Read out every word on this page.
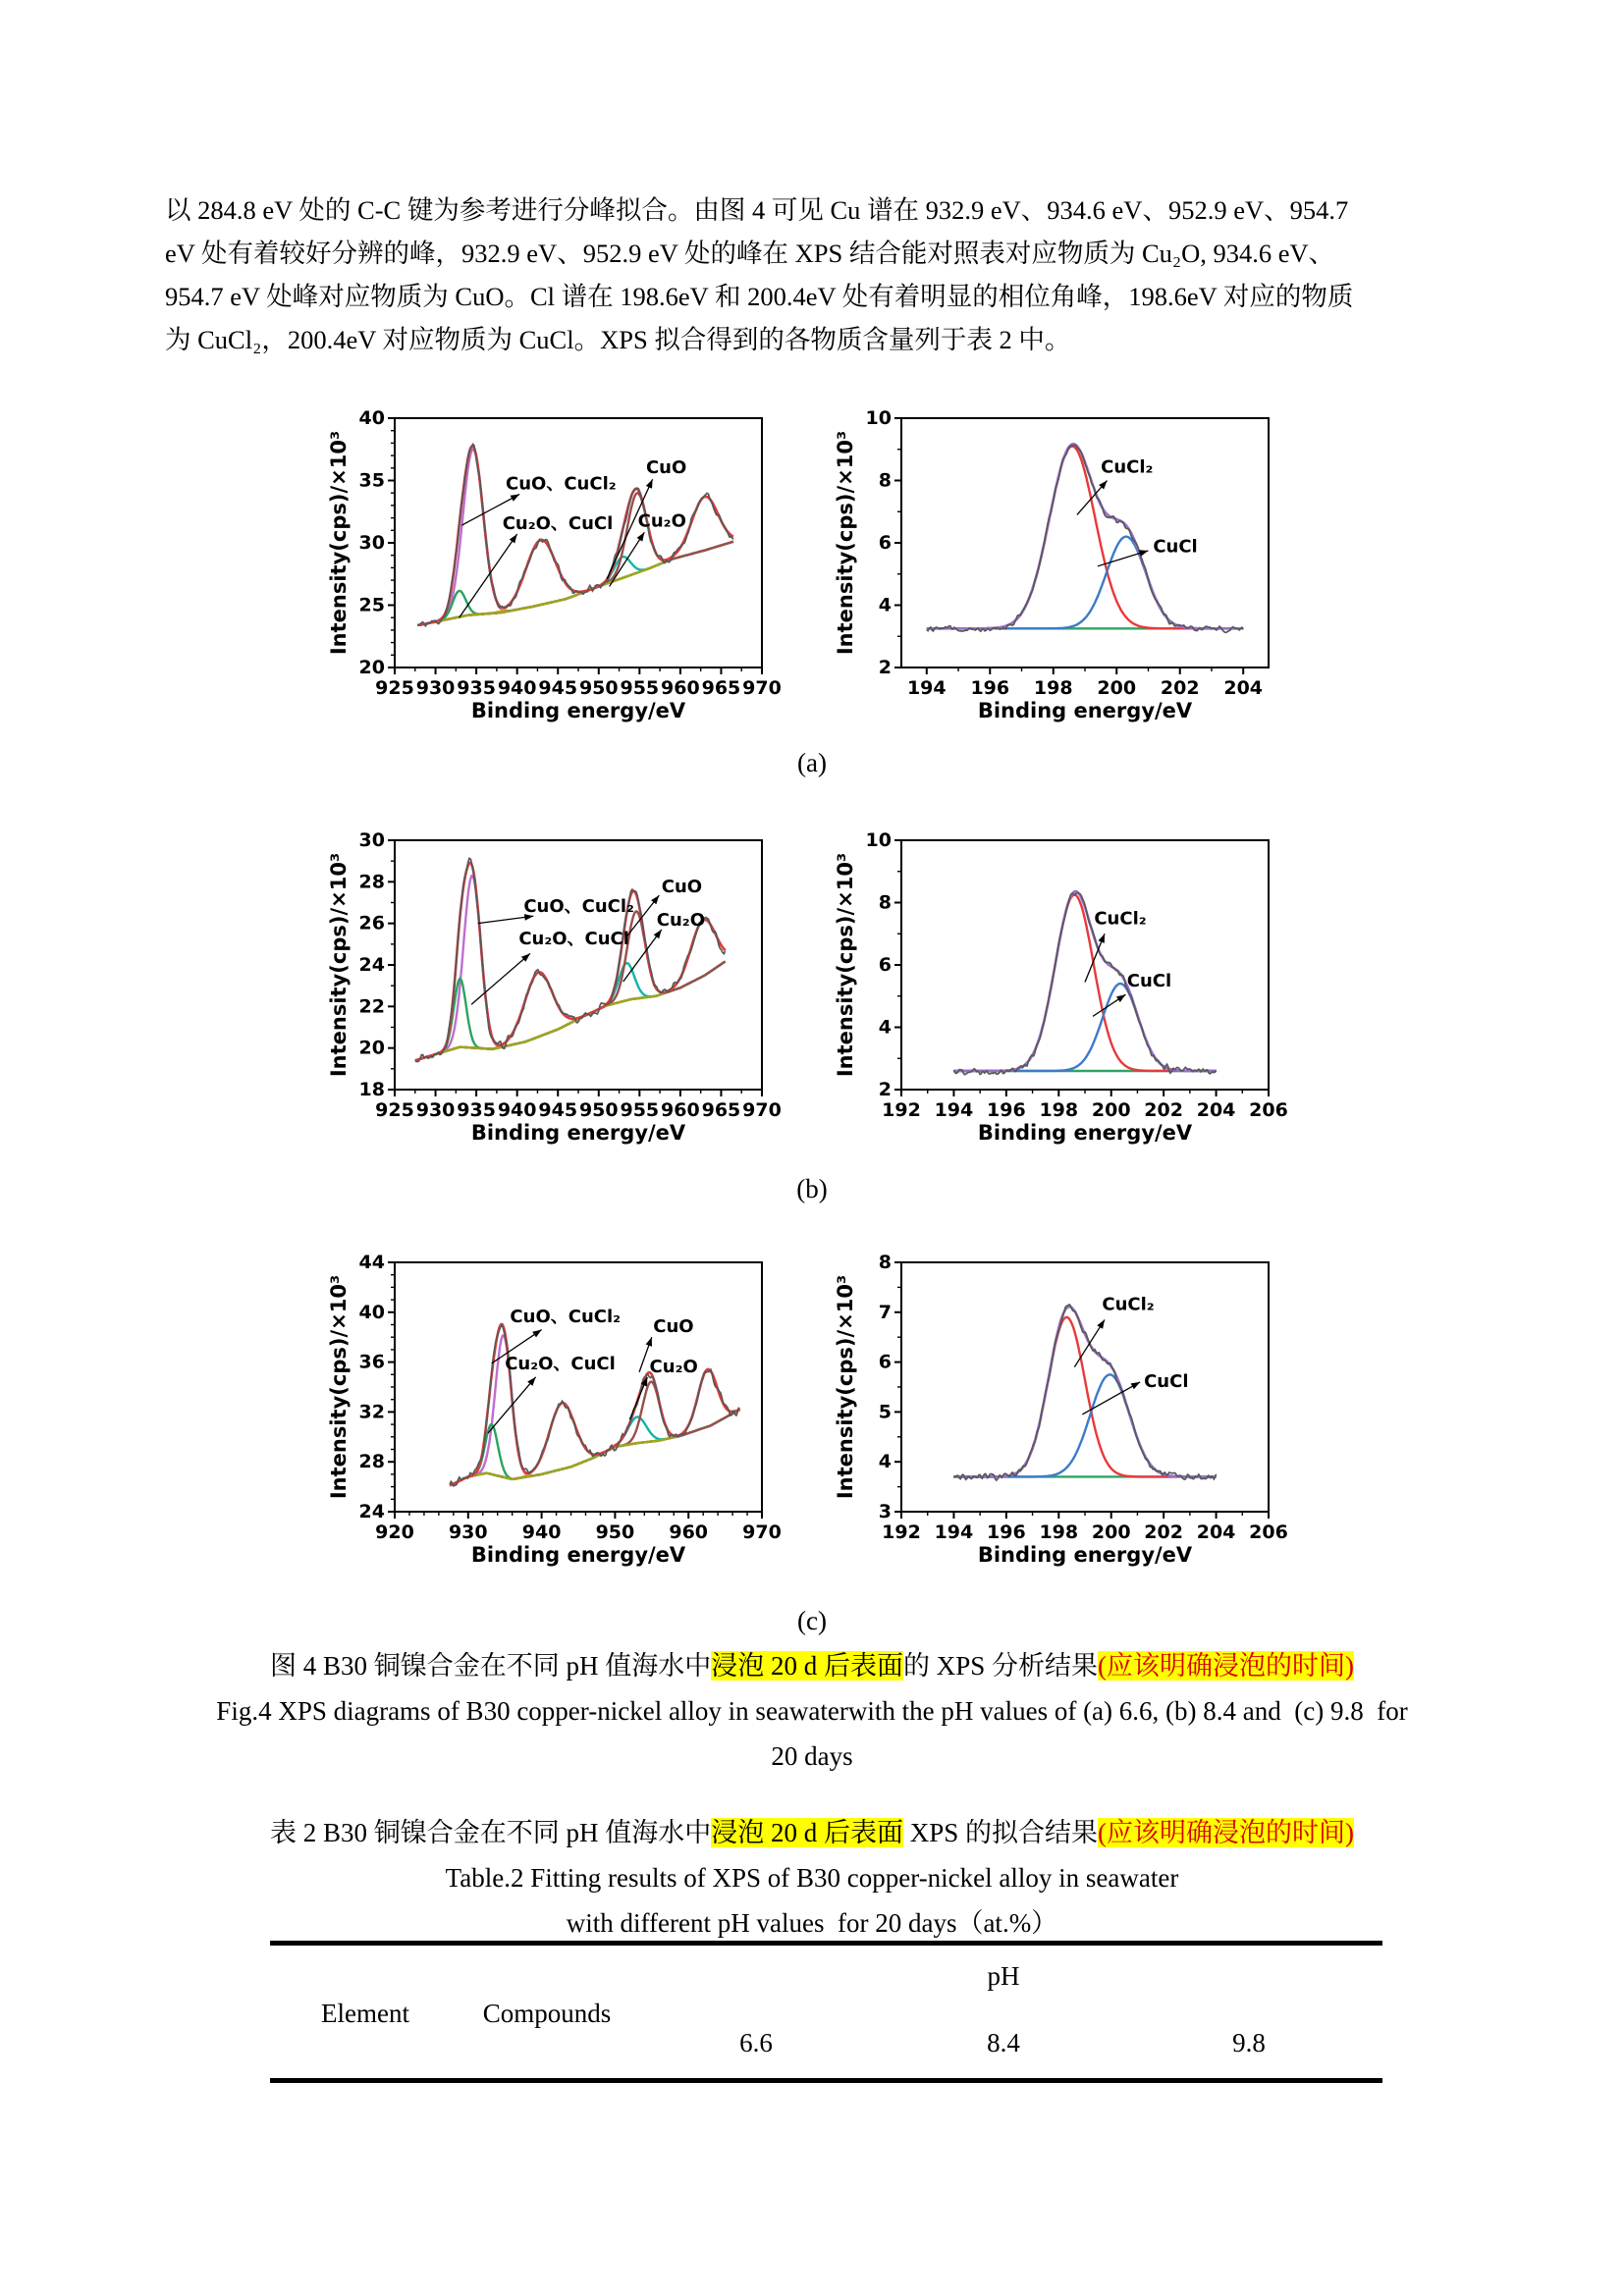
以 284.8 eV 处的 C-C 键为参考进行分峰拟合。由图 4 可见 Cu 谱在 932.9 eV、934.6 eV、952.9 eV、954.7
eV 处有着较好分辨的峰，932.9 eV、952.9 eV 处的峰在 XPS 结合能对照表对应物质为 Cu₂O, 934.6 eV、
954.7 eV 处峰对应物质为 CuO。Cl 谱在 198.6eV 和 200.4eV 处有着明显的相位角峰，198.6eV 对应的物质
为 CuCl₂，200.4eV 对应物质为 CuCl。XPS 拟合得到的各物质含量列于表 2 中。
925 930 935 940 945 950 955 960 965 970
20
25
30
35
40
Binding energy/eV
Intensity(cps)/×10³	CuO、CuCl₂
Cu₂O、CuCl
CuO
Cu₂O
194 196 198 200 202 204
2
4
6
8
10
Binding energy/eV
Intensity(cps)/×10³	CuCl₂
CuCl
(a)
925 930 935 940 945 950 955 960 965 970
18
20
22
24
26
28
30
Binding energy/eV
Intensity(cps)/×10³	CuO、CuCl₂
Cu₂O、CuCl
CuO
Cu₂O
192 194 196 198 200 202 204 206
2
4
6
8
10
Binding energy/eV
Intensity(cps)/×10³	CuCl₂
CuCl
(b)
920 930 940 950 960 970
24
28
32
36
40
44
Binding energy/eV
Intensity(cps)/×10³	CuO、CuCl₂
Cu₂O、CuCl
CuO
Cu₂O
192 194 196 198 200 202 204 206
3
4
5
6
7
8
Binding energy/eV
Intensity(cps)/×10³	CuCl₂
CuCl
(c)
图 4 B30 铜镍合金在不同 pH 值海水中浸泡 20 d 后表面的 XPS 分析结果(应该明确浸泡的时间)
Fig.4 XPS diagrams of B30 copper-nickel alloy in seawaterwith the pH values of (a) 6.6, (b) 8.4 and  (c) 9.8  for
20 days
表 2 B30 铜镍合金在不同 pH 值海水中浸泡 20 d 后表面 XPS 的拟合结果(应该明确浸泡的时间)
Table.2 Fitting results of XPS of B30 copper-nickel alloy in seawater
with different pH values  for 20 days（at.%）
pH
Element	Compounds
6.6	8.4	9.8
